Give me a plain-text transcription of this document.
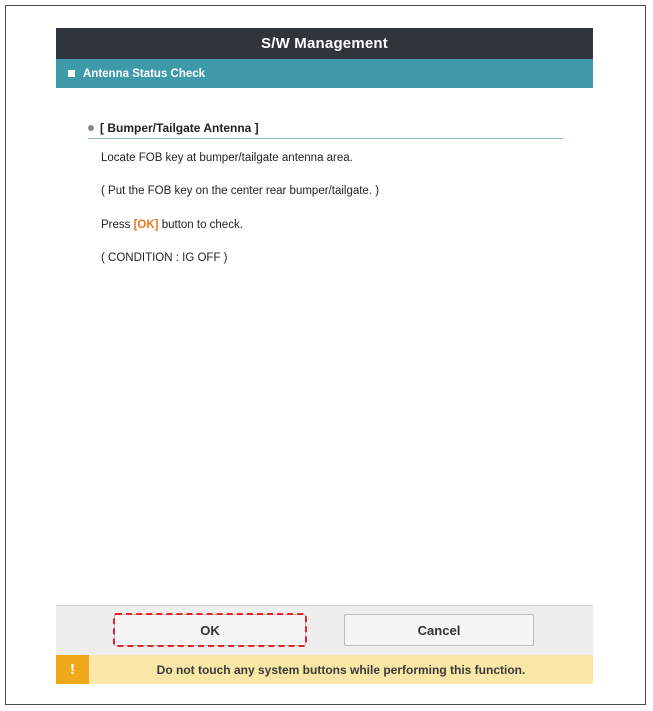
S/W Management
Antenna Status Check
[ Bumper/Tailgate Antenna ]
Locate FOB key at bumper/tailgate antenna area.
( Put the FOB key on the center rear bumper/tailgate. )
Press [OK] button to check.
( CONDITION : IG OFF )
OK	Cancel
!	Do not touch any system buttons while performing this function.
